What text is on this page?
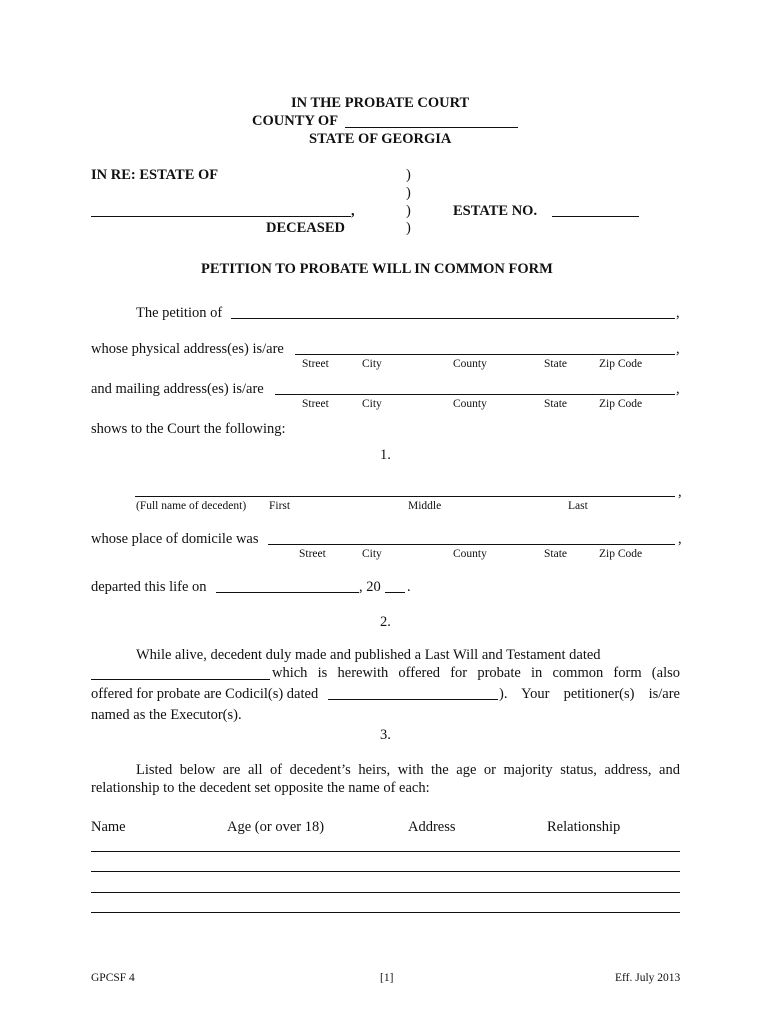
IN THE PROBATE COURT
COUNTY OF
STATE OF GEORGIA
IN RE: ESTATE OF	)
)
,	)	ESTATE NO.
DECEASED	)
PETITION TO PROBATE WILL IN COMMON FORM
The petition of	,
whose physical address(es) is/are	,
Street	City	County	State	Zip Code
and mailing address(es) is/are	,
Street	City	County	State	Zip Code
shows to the Court the following:
1.
,
(Full name of decedent) First	Middle	Last
whose place of domicile was	,
Street	City	County	State	Zip Code
departed this life on	, 20 .
2.
While alive, decedent duly made and published a Last Will and Testament dated
which is herewith offered for probate in common form (also
offered for probate are Codicil(s) dated	). Your petitioner(s) is/are
named as the Executor(s).
3.
Listed below are all of decedent’s heirs, with the age or majority status, address, and
relationship to the decedent set opposite the name of each:
Name	Age (or over 18)	Address	Relationship
GPCSF 4	[1]	Eff. July 2013
